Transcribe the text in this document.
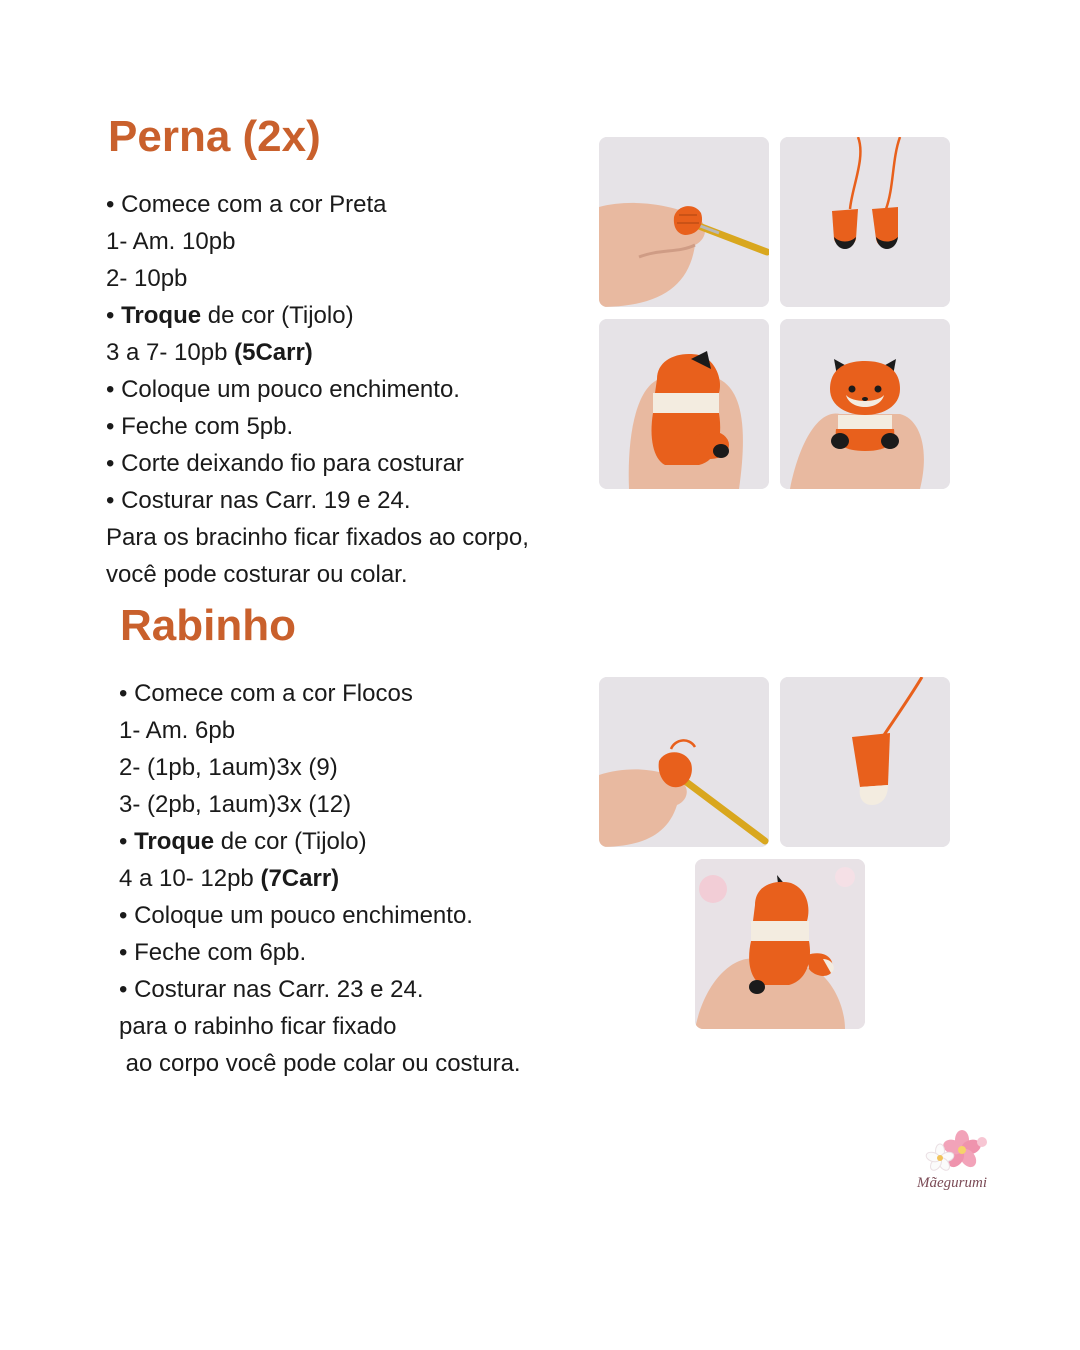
Perna (2x)
• Comece com a cor Preta
1- Am. 10pb
2- 10pb
• Troque de cor (Tijolo)
3 a 7- 10pb (5Carr)
• Coloque um pouco enchimento.
• Feche com 5pb.
• Corte deixando fio para costurar
• Costurar nas Carr. 19 e 24.
Para os bracinho ficar fixados ao corpo,
você pode costurar ou colar.
Rabinho
• Comece com a cor Flocos
1- Am. 6pb
2- (1pb, 1aum)3x (9)
3- (2pb, 1aum)3x (12)
• Troque de cor (Tijolo)
4 a 10- 12pb (7Carr)
• Coloque um pouco enchimento.
• Feche com 6pb.
• Costurar nas Carr. 23 e 24.
para o rabinho ficar fixado
ao corpo você pode colar ou costura.
Mãegurumi
